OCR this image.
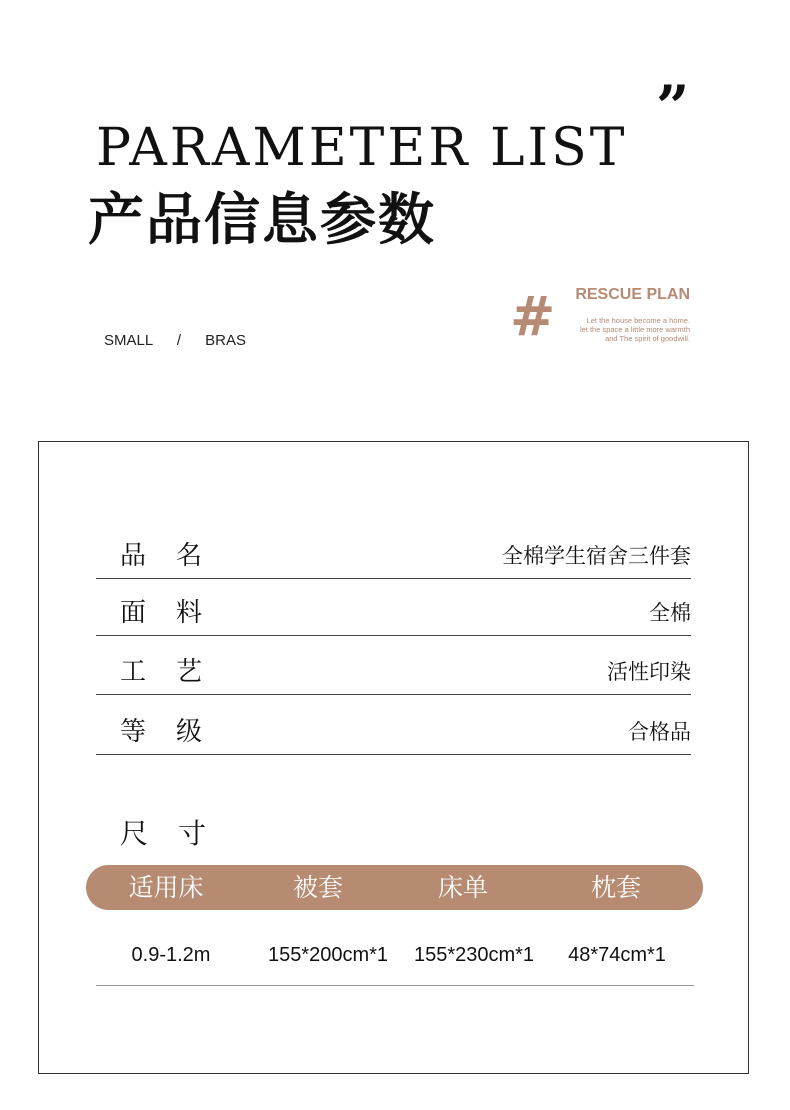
”
PARAMETER LIST
产品信息参数
SMALL / BRAS	# RESCUE PLAN
Let the house become a home.
let the space a little more warmth
and The spirit of goodwill.
品名	全棉学生宿舍三件套
面料	全棉
工艺	活性印染
等级	合格品
尺寸
适用床	被套	床单	枕套
0.9-1.2m	155*200cm*1	155*230cm*1	48*74cm*1
